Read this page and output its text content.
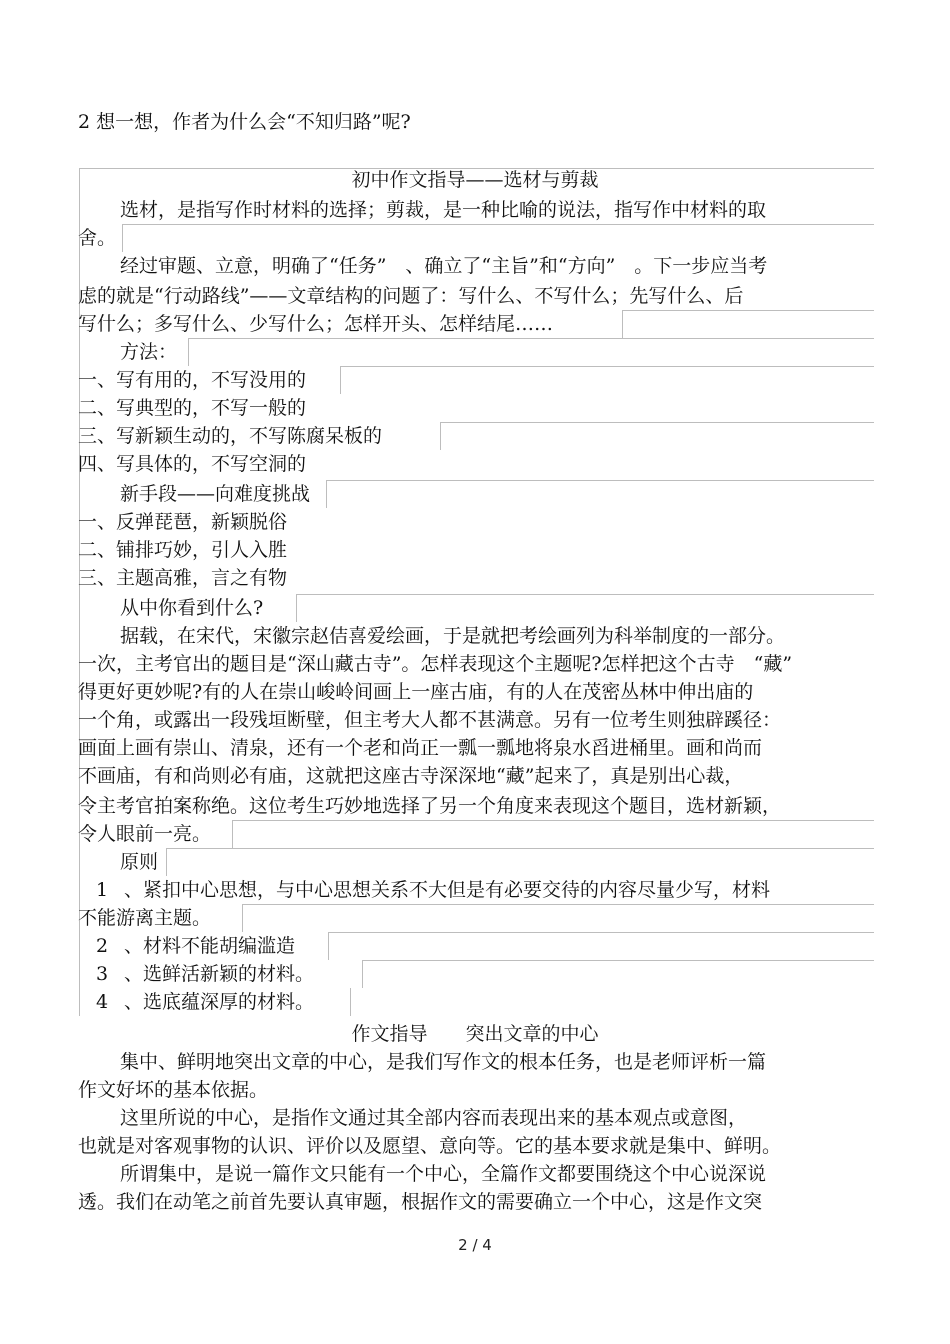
2 想一想，作者为什么会“不知归路”呢?
初中作文指导——选材与剪裁
选材，是指写作时材料的选择；剪裁，是一种比喻的说法，指写作中材料的取
舍。
经过审题、立意，明确了“任务”　、确立了“主旨”和“方向”　。下一步应当考
虑的就是“行动路线”——文章结构的问题了：写什么、不写什么；先写什么、后
写什么；多写什么、少写什么；怎样开头、怎样结尾……
方法：
一、写有用的，不写没用的
二、写典型的，不写一般的
三、写新颖生动的，不写陈腐呆板的
四、写具体的，不写空洞的
新手段——向难度挑战
一、反弹琵琶，新颖脱俗
二、铺排巧妙，引人入胜
三、主题高雅，言之有物
从中你看到什么?
据载，在宋代，宋徽宗赵佶喜爱绘画，于是就把考绘画列为科举制度的一部分。
一次，主考官出的题目是“深山藏古寺”。怎样表现这个主题呢?怎样把这个古寺　“藏”
得更好更妙呢?有的人在崇山峻岭间画上一座古庙，有的人在茂密丛林中伸出庙的
一个角，或露出一段残垣断壁，但主考大人都不甚满意。另有一位考生则独辟蹊径：
画面上画有崇山、清泉，还有一个老和尚正一瓢一瓢地将泉水舀进桶里。画和尚而
不画庙，有和尚则必有庙，这就把这座古寺深深地“藏”起来了，真是别出心裁，
令主考官拍案称绝。这位考生巧妙地选择了另一个角度来表现这个题目，选材新颖，
令人眼前一亮。
原则
1 、紧扣中心思想，与中心思想关系不大但是有必要交待的内容尽量少写，材料
不能游离主题。
2 、材料不能胡编滥造
3 、选鲜活新颖的材料。
4 、选底蕴深厚的材料。
作文指导　　突出文章的中心
集中、鲜明地突出文章的中心，是我们写作文的根本任务，也是老师评析一篇
作文好坏的基本依据。
这里所说的中心，是指作文通过其全部内容而表现出来的基本观点或意图，
也就是对客观事物的认识、评价以及愿望、意向等。它的基本要求就是集中、鲜明。
所谓集中，是说一篇作文只能有一个中心，全篇作文都要围绕这个中心说深说
透。我们在动笔之前首先要认真审题，根据作文的需要确立一个中心，这是作文突
2 / 4
